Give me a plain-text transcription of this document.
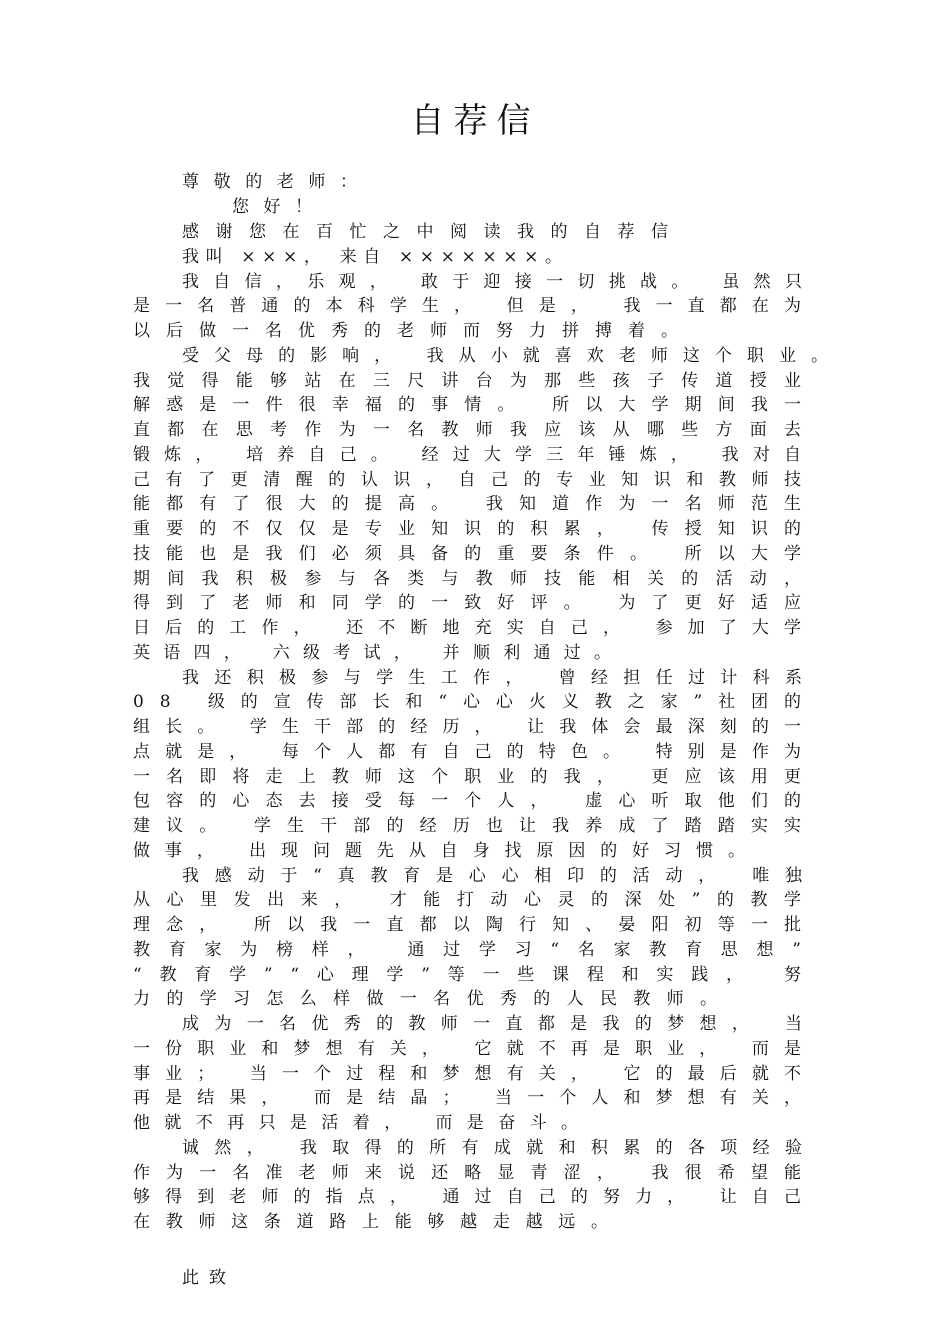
自荐信
尊敬的老师：
您好！
感谢您在百忙之中阅读我的自荐信
我叫 ×××， 来自 ×××××××。
我自信，乐观， 敢于迎接一切挑战。 虽然只
是一名普通的本科学生， 但是， 我一直都在为
以后做一名优秀的老师而努力拼搏着。
受父母的影响， 我从小就喜欢老师这个职业。
我觉得能够站在三尺讲台为那些孩子传道授业
解惑是一件很幸福的事情。 所以大学期间我一
直都在思考作为一名教师我应该从哪些方面去
锻炼， 培养自己。 经过大学三年锤炼， 我对自
己有了更清醒的认识，自己的专业知识和教师技
能都有了很大的提高。 我知道作为一名师范生
重要的不仅仅是专业知识的积累， 传授知识的
技能也是我们必须具备的重要条件。 所以大学
期间我积极参与各类与教师技能相关的活动，
得到了老师和同学的一致好评。 为了更好适应
日后的工作， 还不断地充实自己， 参加了大学
英语四， 六级考试， 并顺利通过。
我还积极参与学生工作， 曾经担任过计科系
08 级的宣传部长和“心心火义教之家”社团的
组长。 学生干部的经历， 让我体会最深刻的一
点就是， 每个人都有自己的特色。 特别是作为
一名即将走上教师这个职业的我， 更应该用更
包容的心态去接受每一个人， 虚心听取他们的
建议。 学生干部的经历也让我养成了踏踏实实
做事， 出现问题先从自身找原因的好习惯。
我感动于“真教育是心心相印的活动， 唯独
从心里发出来， 才能打动心灵的深处”的教学
理念， 所以我一直都以陶行知、晏阳初等一批
教育家为榜样， 通过学习“名家教育思想”
“教育学”“心理学”等一些课程和实践， 努
力的学习怎么样做一名优秀的人民教师。
成为一名优秀的教师一直都是我的梦想， 当
一份职业和梦想有关， 它就不再是职业， 而是
事业； 当一个过程和梦想有关， 它的最后就不
再是结果， 而是结晶； 当一个人和梦想有关，
他就不再只是活着， 而是奋斗。
诚然， 我取得的所有成就和积累的各项经验
作为一名准老师来说还略显青涩， 我很希望能
够得到老师的指点， 通过自己的努力， 让自己
在教师这条道路上能够越走越远。
此致
